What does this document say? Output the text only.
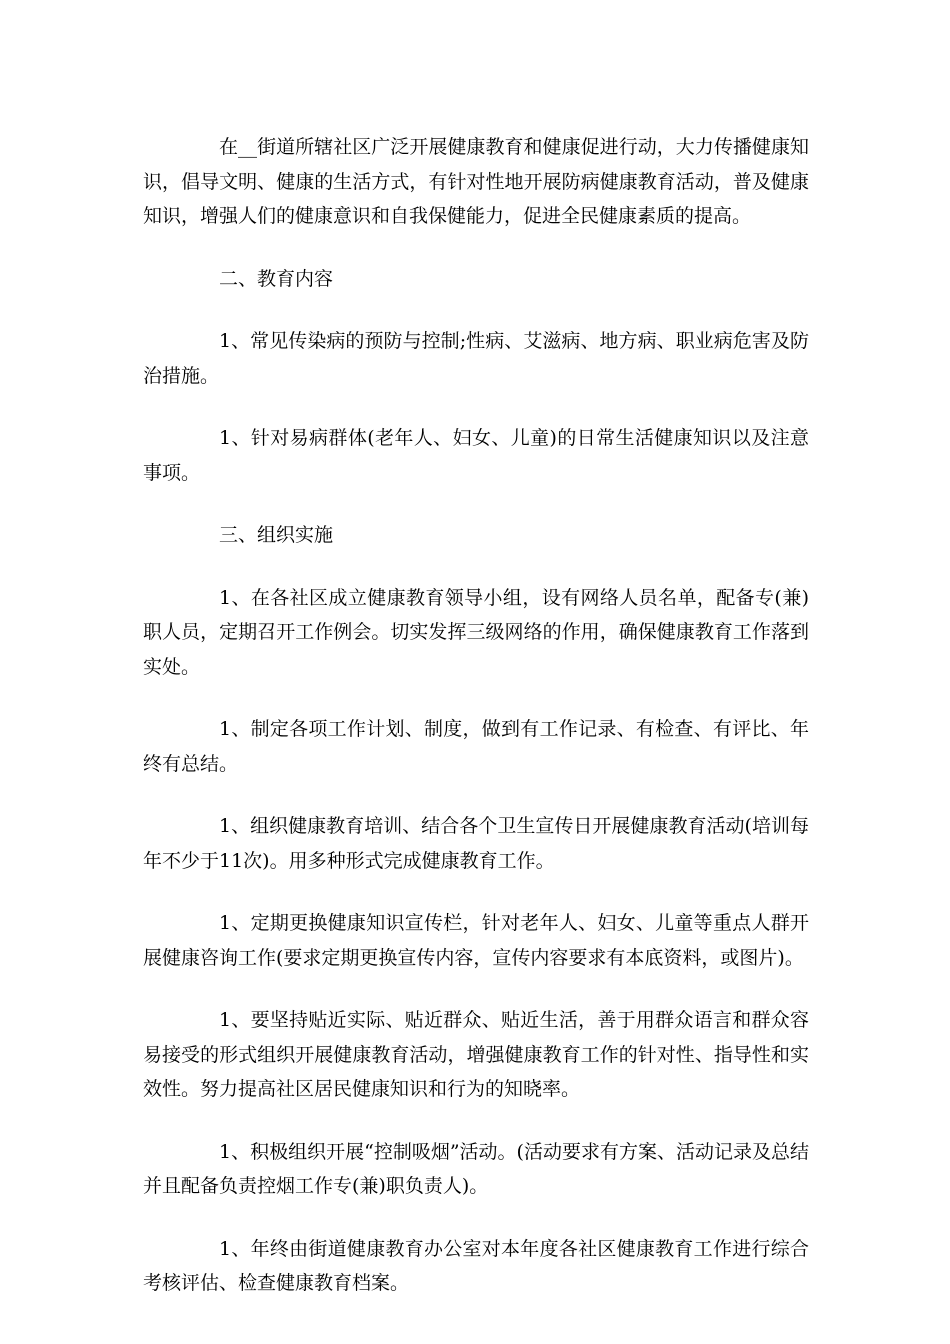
在__街道所辖社区广泛开展健康教育和健康促进行动，大力传播健康知识，倡导文明、健康的生活方式，有针对性地开展防病健康教育活动，普及健康知识，增强人们的健康意识和自我保健能力，促进全民健康素质的提高。

二、教育内容

1、常见传染病的预防与控制;性病、艾滋病、地方病、职业病危害及防治措施。

1、针对易病群体(老年人、妇女、儿童)的日常生活健康知识以及注意事项。

三、组织实施

1、在各社区成立健康教育领导小组，设有网络人员名单，配备专(兼)职人员，定期召开工作例会。切实发挥三级网络的作用，确保健康教育工作落到实处。

1、制定各项工作计划、制度，做到有工作记录、有检查、有评比、年终有总结。

1、组织健康教育培训、结合各个卫生宣传日开展健康教育活动(培训每年不少于11次)。用多种形式完成健康教育工作。

1、定期更换健康知识宣传栏，针对老年人、妇女、儿童等重点人群开展健康咨询工作(要求定期更换宣传内容，宣传内容要求有本底资料，或图片)。

1、要坚持贴近实际、贴近群众、贴近生活，善于用群众语言和群众容易接受的形式组织开展健康教育活动，增强健康教育工作的针对性、指导性和实效性。努力提高社区居民健康知识和行为的知晓率。

1、积极组织开展“控制吸烟”活动。(活动要求有方案、活动记录及总结并且配备负责控烟工作专(兼)职负责人)。

1、年终由街道健康教育办公室对本年度各社区健康教育工作进行综合考核评估、检查健康教育档案。
